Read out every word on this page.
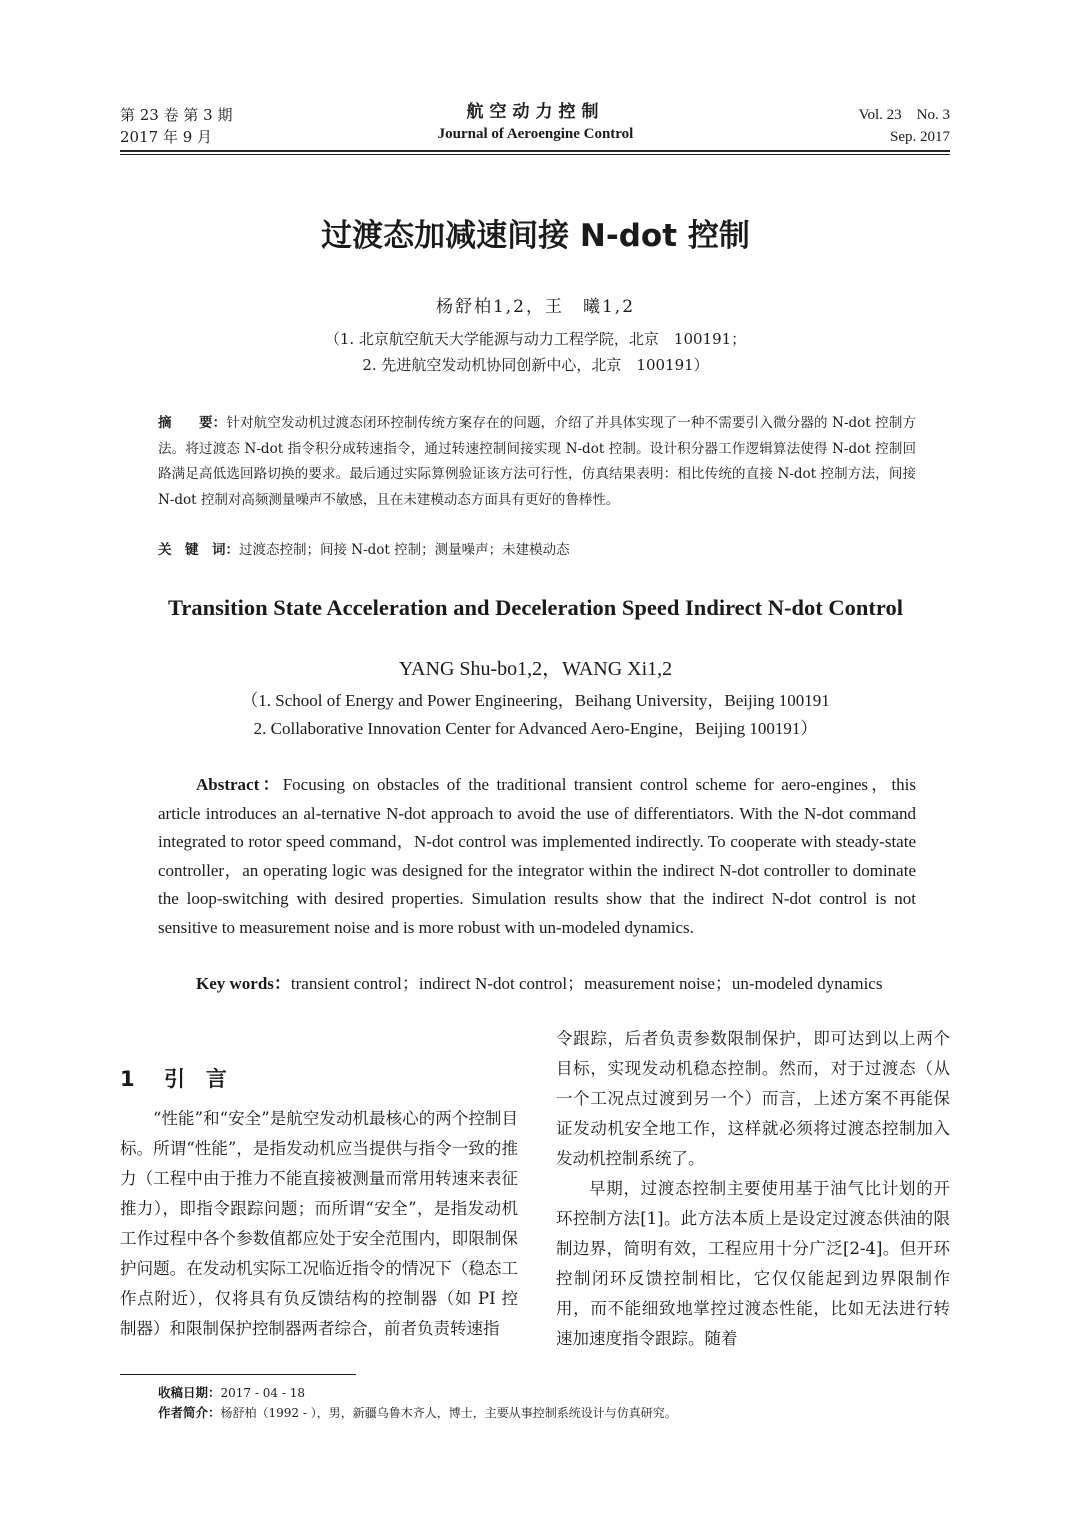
第 23 卷 第 3 期
2017 年 9 月
航空动力控制
Journal of Aeroengine Control
Vol. 23　No. 3
Sep. 2017
过渡态加减速间接 N-dot 控制
杨舒柏1,2，王　曦1,2
（1. 北京航空航天大学能源与动力工程学院，北京　100191；
2. 先进航空发动机协同创新中心，北京　100191）
摘　　要：针对航空发动机过渡态闭环控制传统方案存在的问题，介绍了并具体实现了一种不需要引入微分器的 N-dot 控制方法。将过渡态 N-dot 指令积分成转速指令，通过转速控制间接实现 N-dot 控制。设计积分器工作逻辑算法使得 N-dot 控制回路满足高低选回路切换的要求。最后通过实际算例验证该方法可行性，仿真结果表明：相比传统的直接 N-dot 控制方法，间接 N-dot 控制对高频测量噪声不敏感，且在未建模动态方面具有更好的鲁棒性。
关　键　词：过渡态控制；间接 N-dot 控制；测量噪声；未建模动态
Transition State Acceleration and Deceleration Speed Indirect N-dot Control
YANG Shu-bo1,2，WANG Xi1,2
（1. School of Energy and Power Engineering，Beihang University，Beijing 100191
2. Collaborative Innovation Center for Advanced Aero-Engine，Beijing 100191）
Abstract：Focusing on obstacles of the traditional transient control scheme for aero-engines，this article introduces an al-ternative N-dot approach to avoid the use of differentiators. With the N-dot command integrated to rotor speed command，N-dot control was implemented indirectly. To cooperate with steady-state controller，an operating logic was designed for the integrator within the indirect N-dot controller to dominate the loop-switching with desired properties. Simulation results show that the indirect N-dot control is not sensitive to measurement noise and is more robust with un-modeled dynamics.
Key words：transient control；indirect N-dot control；measurement noise；un-modeled dynamics
1 引　言

“性能”和“安全”是航空发动机最核心的两个控制目标。所谓“性能”，是指发动机应当提供与指令一致的推力（工程中由于推力不能直接被测量而常用转速来表征推力），即指令跟踪问题；而所谓“安全”，是指发动机工作过程中各个参数值都应处于安全范围内，即限制保护问题。在发动机实际工况临近指令的情况下（稳态工作点附近），仅将具有负反馈结构的控制器（如 PI 控制器）和限制保护控制器两者综合，前者负责转速指

令跟踪，后者负责参数限制保护，即可达到以上两个目标，实现发动机稳态控制。然而，对于过渡态（从一个工况点过渡到另一个）而言，上述方案不再能保证发动机安全地工作，这样就必须将过渡态控制加入发动机控制系统了。

早期，过渡态控制主要使用基于油气比计划的开环控制方法[1]。此方法本质上是设定过渡态供油的限制边界，简明有效，工程应用十分广泛[2-4]。但开环控制闭环反馈控制相比，它仅仅能起到边界限制作用，而不能细致地掌控过渡态性能，比如无法进行转速加速度指令跟踪。随着

收稿日期：2017 - 04 - 18
作者简介：杨舒柏（1992 - ），男，新疆乌鲁木齐人，博士，主要从事控制系统设计与仿真研究。
